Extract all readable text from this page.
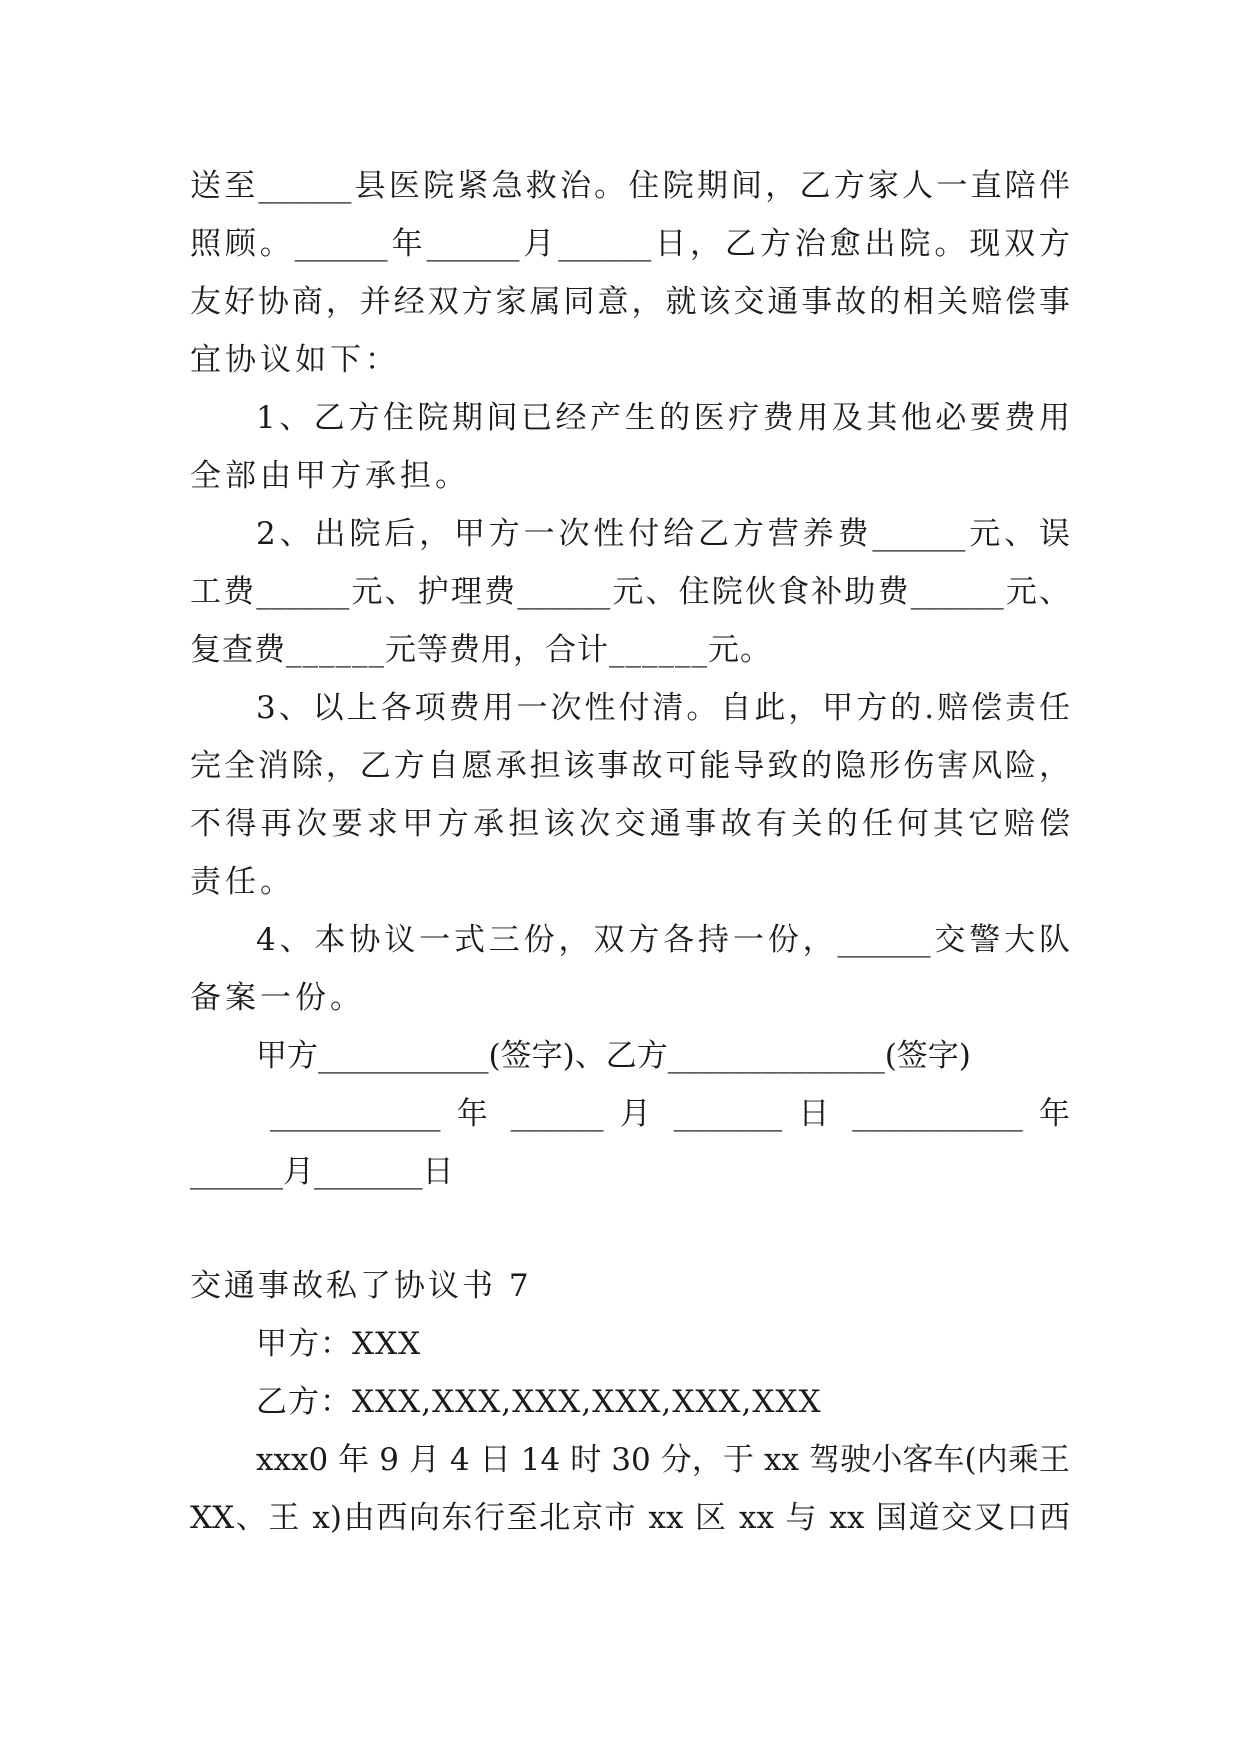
送至______县医院紧急救治。住院期间，乙方家人一直陪伴
照顾。______年______月______日，乙方治愈出院。现双方
友好协商，并经双方家属同意，就该交通事故的相关赔偿事
宜协议如下：
1、乙方住院期间已经产生的医疗费用及其他必要费用
全部由甲方承担。
2、出院后，甲方一次性付给乙方营养费______元、误
工费______元、护理费______元、住院伙食补助费______元、
复查费______元等费用，合计______元。
3、以上各项费用一次性付清。自此，甲方的.赔偿责任
完全消除，乙方自愿承担该事故可能导致的隐形伤害风险，
不得再次要求甲方承担该次交通事故有关的任何其它赔偿
责任。
4、本协议一式三份，双方各持一份，______交警大队
备案一份。
甲方___________(签字)、乙方______________(签字)
___________ 年 ______ 月 _______ 日 ___________ 年
______月_______日
交通事故私了协议书 7
甲方：XXX
乙方：XXX,XXX,XXX,XXX,XXX,XXX
xxx0 年 9 月 4 日 14 时 30 分，于 xx 驾驶小客车(内乘王
XX、王 x)由西向东行至北京市 xx 区 xx 与 xx 国道交叉口西
